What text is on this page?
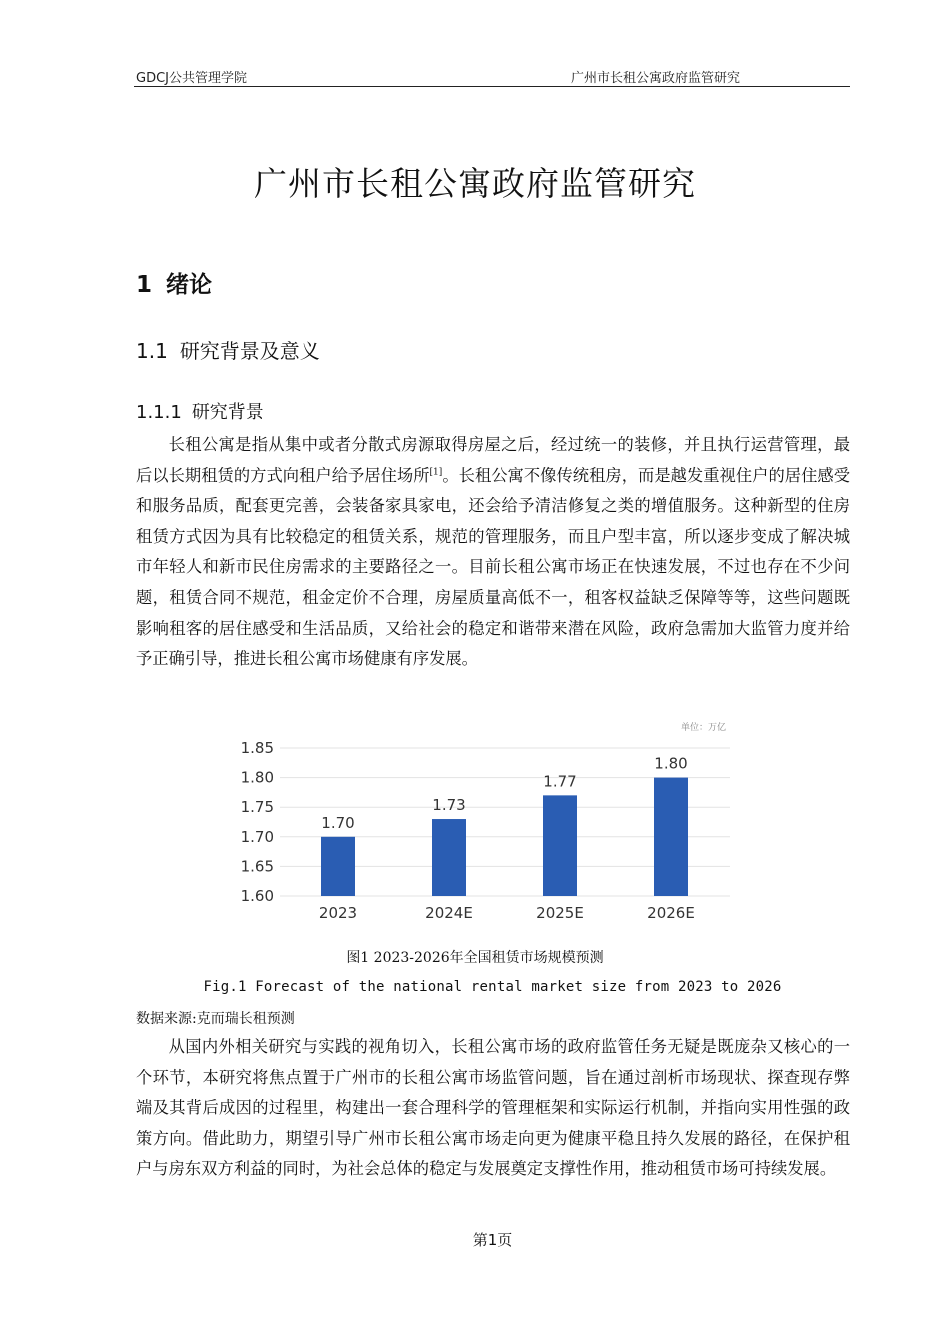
GDCJ公共管理学院	广州市长租公寓政府监管研究
广州市长租公寓政府监管研究
1 绪论
1.1 研究背景及意义
1.1.1 研究背景

长租公寓是指从集中或者分散式房源取得房屋之后，经过统一的装修，并且执行运营管理，最后以长期租赁的方式向租户给予居住场所[1]。长租公寓不像传统租房，而是越发重视住户的居住感受和服务品质，配套更完善，会装备家具家电，还会给予清洁修复之类的增值服务。这种新型的住房租赁方式因为具有比较稳定的租赁关系，规范的管理服务，而且户型丰富，所以逐步变成了解决城市年轻人和新市民住房需求的主要路径之一。目前长租公寓市场正在快速发展，不过也存在不少问题，租赁合同不规范，租金定价不合理，房屋质量高低不一，租客权益缺乏保障等等，这些问题既影响租客的居住感受和生活品质，又给社会的稳定和谐带来潜在风险，政府急需加大监管力度并给予正确引导，推进长租公寓市场健康有序发展。

1.85
1.80
1.75
1.70
1.65
1.60
1.70
1.73
1.77
1.80
2023	2024E	2025E	2026E
单位：万亿
图1 2023-2026年全国租赁市场规模预测
Fig.1 Forecast of the national rental market size from 2023 to 2026
数据来源:克而瑞长租预测

从国内外相关研究与实践的视角切入，长租公寓市场的政府监管任务无疑是既庞杂又核心的一个环节，本研究将焦点置于广州市的长租公寓市场监管问题，旨在通过剖析市场现状、探查现存弊端及其背后成因的过程里，构建出一套合理科学的管理框架和实际运行机制，并指向实用性强的政策方向。借此助力，期望引导广州市长租公寓市场走向更为健康平稳且持久发展的路径，在保护租户与房东双方利益的同时，为社会总体的稳定与发展奠定支撑性作用，推动租赁市场可持续发展。

第1页
